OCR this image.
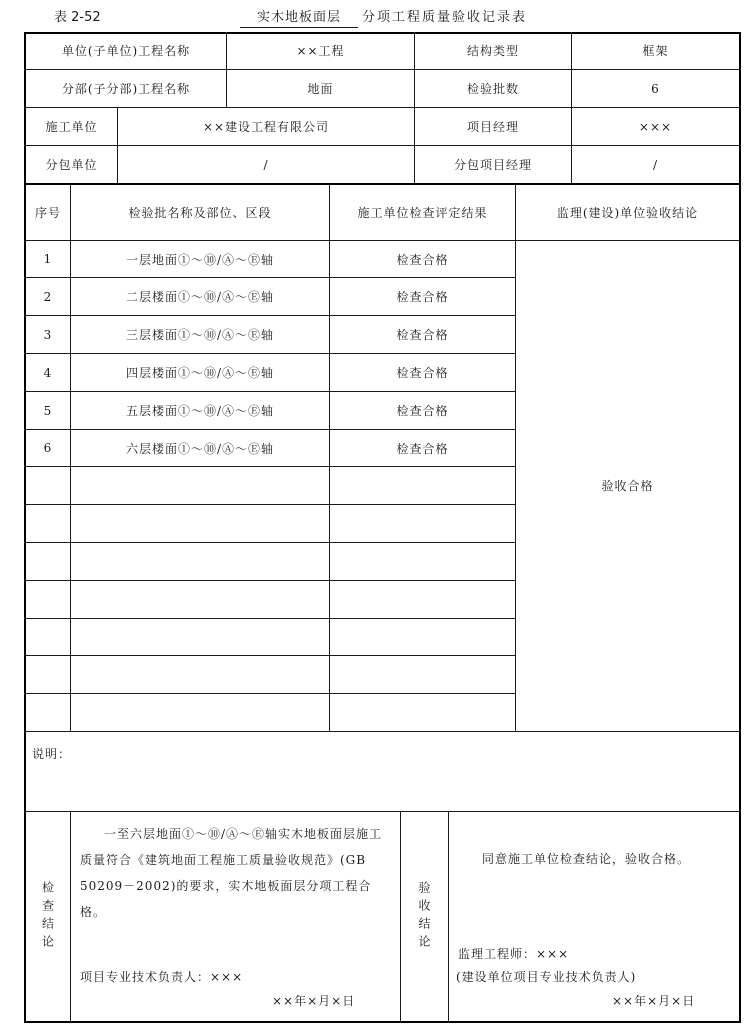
表 2-52	实木地板面层	分项工程质量验收记录表
单位(子单位)工程名称	××工程	结构类型	框架
分部(子分部)工程名称	地面	检验批数	6
施工单位	××建设工程有限公司	项目经理	×××
分包单位	/	分包项目经理	/
序号	检验批名称及部位、区段	施工单位检查评定结果	监理(建设)单位验收结论
1	一层地面①～⑩/Ⓐ～Ⓔ轴	检查合格
2	二层楼面①～⑩/Ⓐ～Ⓔ轴	检查合格
3	三层楼面①～⑩/Ⓐ～Ⓔ轴	检查合格
4	四层楼面①～⑩/Ⓐ～Ⓔ轴	检查合格
5	五层楼面①～⑩/Ⓐ～Ⓔ轴	检查合格
6	六层楼面①～⑩/Ⓐ～Ⓔ轴	检查合格
验收合格
说明：
检查结论
一至六层地面①～⑩/Ⓐ～Ⓔ轴实木地板面层施工质量符合《建筑地面工程施工质量验收规范》(GB 50209－2002)的要求，实木地板面层分项工程合格。
项目专业技术负责人：×××
××年×月×日
验收结论
同意施工单位检查结论，验收合格。
监理工程师：×××
(建设单位项目专业技术负责人)
××年×月×日
